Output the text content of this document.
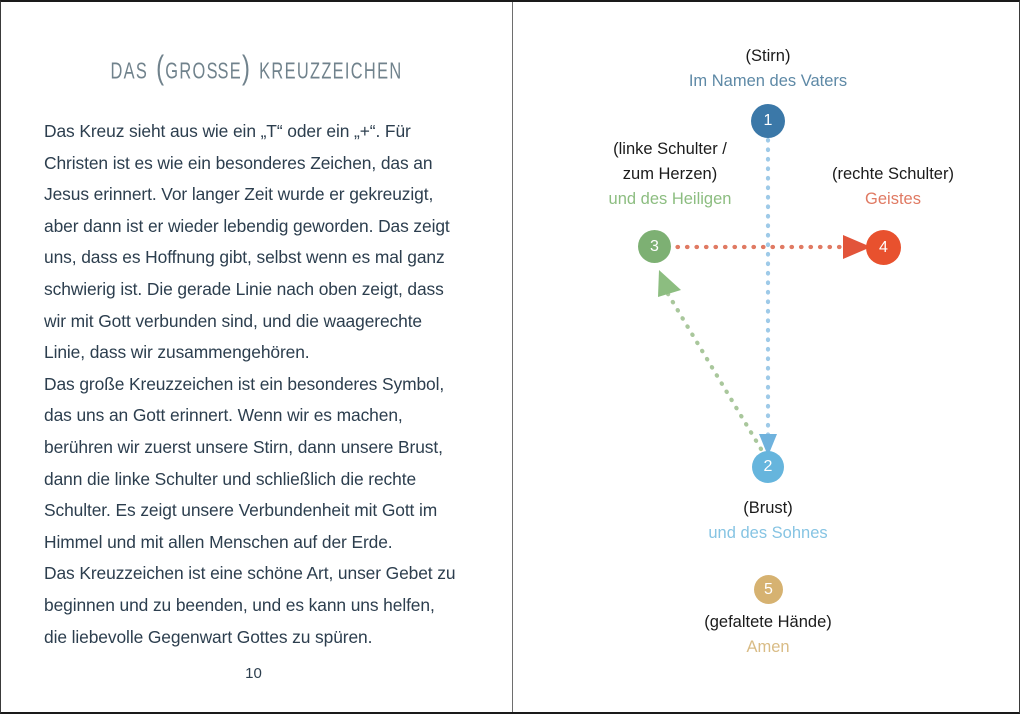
das (große) kreuzzeichen

Das Kreuz sieht aus wie ein „T“ oder ein „+“. Für Christen ist es wie ein besonderes Zeichen, das an Jesus erinnert. Vor langer Zeit wurde er gekreuzigt, aber dann ist er wieder lebendig geworden. Das zeigt uns, dass es Hoffnung gibt, selbst wenn es mal ganz schwierig ist. Die gerade Linie nach oben zeigt, dass wir mit Gott verbunden sind, und die waagerechte Linie, dass wir zusammengehören.

Das große Kreuzzeichen ist ein besonderes Symbol, das uns an Gott erinnert. Wenn wir es machen, berühren wir zuerst unsere Stirn, dann unsere Brust, dann die linke Schulter und schließlich die rechte Schulter. Es zeigt unsere Verbundenheit mit Gott im Himmel und mit allen Menschen auf der Erde.

Das Kreuzzeichen ist eine schöne Art, unser Gebet zu beginnen und zu beenden, und es kann uns helfen, die liebevolle Gegenwart Gottes zu spüren.

10
(Stirn)
Im Namen des Vaters
1
(linke Schulter /
zum Herzen)
und des Heiligen
3
(rechte Schulter)
Geistes
4
2
(Brust)
und des Sohnes
5
(gefaltete Hände)
Amen
